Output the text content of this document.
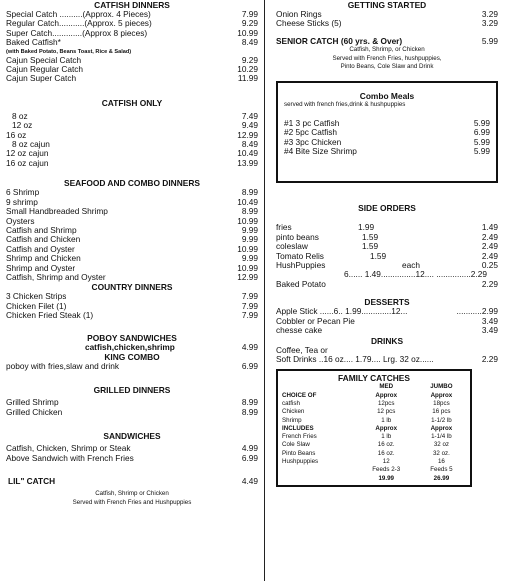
CATFISH DINNERS
Special Catch ..........(Approx. 4 Pieces)	7.99
Regular Catch...........(Approx. 5 pieces)	9.29
Super Catch.............(Approx 8 pieces)	10.99
Baked Catfish*	8.49
(with Baked Potato, Beans Toast, Rice & Salad)
Cajun Special Catch	9.29
Cajun Regular Catch	10.29
Cajun Super Catch	11.99
CATFISH ONLY
8 oz	7.49
12 oz	9.49
16 oz	12.99
8 oz cajun	8.49
12 oz cajun	10.49
16 oz cajun	13.99
SEAFOOD AND COMBO DINNERS
6 Shrimp	8.99
9 shrimp	10.49
Small Handbreaded Shrimp	8.99
Oysters	10.99
Catfish and Shrimp	9.99
Catfish and Chicken	9.99
Catfish and Oyster	10.99
Shrimp and Chicken	9.99
Shrimp and Oyster	10.99
Catfish, Shrimp and Oyster	12.99
COUNTRY DINNERS
3 Chicken Strips	7.99
Chicken Filet (1)	7.99
Chicken Fried Steak (1)	7.99
POBOY SANDWICHES
catfish,chicken,shrimp	4.99
KING COMBO
poboy with fries,slaw and drink	6.99
GRILLED DINNERS
Grilled Shrimp	8.99
Grilled Chicken	8.99
SANDWICHES
Catfish, Chicken, Shrimp or Steak	4.99
Above Sandwich with French Fries	6.99
LIL" CATCH	4.49
Catfish, Shrimp or Chicken
Served with French Fries and Hushpuppies
GETTING STARTED
Onion Rings	3.29
Cheese Sticks (5)	3.29
SENIOR CATCH (60 yrs. & Over)	5.99
Catfish, Shrimp, or Chicken
Served with French Fries, hushpuppies,
Pinto Beans, Cole Slaw and Drink
Combo Meals
served with french fries,drink & hushpuppies
#1 3 pc Catfish	5.99
#2 5pc Catfish	6.99
#3 3pc Chicken	5.99
#4 Bite Size Shrimp	5.99
SIDE ORDERS
fries	1.99	1.49
pinto beans	1.59	2.49
coleslaw	1.59	2.49
Tomato Relis	1.59	2.49
HushPuppies	each	0.25
6...... 1.49...............12.... ...............2.29
Baked Potato	2.29
DESSERTS
Apple Stick ......6.. 1.99.............12...	...........2.99
Cobbler or Pecan Pie	3.49
chesse cake	3.49
DRINKS
Coffee, Tea or
Soft Drinks ..16 oz.... 1.79.... Lrg. 32 oz......	2.29
FAMILY CATCHES
	MED	JUMBO
CHOICE OF	Approx	Approx
catfish	12pcs	18pcs
Chicken	12 pcs	16 pcs
Shrimp	1 lb	1-1/2 lb
INCLUDES	Approx	Approx
French Fries	1 lb	1-1/4 lb
Cole Slaw	16 oz.	32 oz
Pinto Beans	16 oz.	32 oz.
Hushpuppies	12	16
	Feeds 2-3	Feeds 5
	19.99	26.99
